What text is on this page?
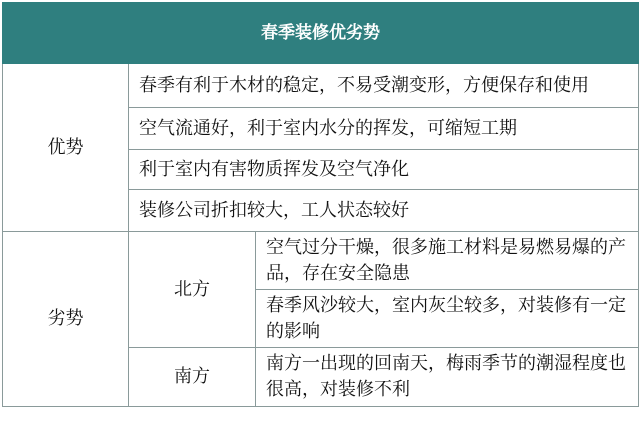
春季装修优劣势		
优势	春季有利于木材的稳定，不易受潮变形，方便保存和使用	
	空气流通好，利于室内水分的挥发，可缩短工期	
	利于室内有害物质挥发及空气净化	
	装修公司折扣较大，工人状态较好	
劣势	北方	空气过分干燥，很多施工材料是易燃易爆的产品，存在安全隐患
		春季风沙较大，室内灰尘较多，对装修有一定的影响
	南方	南方一出现的回南天，梅雨季节的潮湿程度也很高，对装修不利
